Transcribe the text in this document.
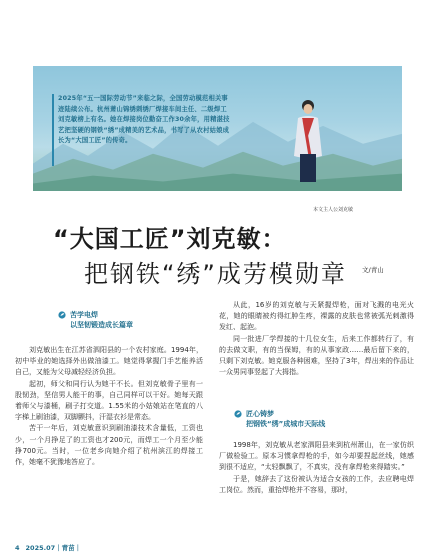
2025年“五一国际劳动节”来临之际，全国劳动模范相关事迹陆续公布。杭州萧山锦绣刺绣厂焊接车间主任、二级焊工刘克敏榜上有名。她在焊接岗位勤奋工作30余年，用精湛技艺把坚硬的钢铁“绣”成精美的艺术品，书写了从农村姑娘成长为“大国工匠”的传奇。
本文主人公刘克敏
“大国工匠”刘克敏：
把钢铁“绣”成劳模勋章 文/青山
苦学电焊
以坚韧锻造成长篇章

刘克敏出生在江苏省泗阳县的一个农村家庭。1994年，初中毕业的她选择外出做油漆工。她觉得掌握门手艺能养活自己，又能为父母减轻经济负担。

起初，师父和同行认为她干不长。但刘克敏骨子里有一股韧劲，坚信男人能干的事，自己同样可以干好。她每天跟着师父与漆桶，刷子打交道。1.55米的小姑娘站在笔直的八字梯上刷油漆，双脚颤抖，汗湿衣衫是常态。

苦干一年后，刘克敏意识到刷油漆技术含量低，工资也少，一个月挣足了的工资也才200元，而焊工一个月至少能挣700元。当时，一位老乡向她介绍了杭州滨江的焊接工作，她毫不犹豫地答应了。

从此，16岁的刘克敏与天紧握焊枪，面对飞溅的电光火花，她的眼睛被灼得红肿生疼，裸露的皮肤也常被弧光刺激得发红、起泡。

同一批进厂学焊接的十几位女生，后来工作都转行了，有的去做文职，有的当保姆，有的从事家政……最后留下来的，只剩下刘克敏。她克服各种困难，坚持了3年，焊出来的作品让一众男同事竖起了大拇指。

匠心铸梦
把钢铁“绣”成城市天际线

1998年，刘克敏从老家泗阳县来到杭州萧山，在一家仿织厂做检验工。原本习惯拿焊枪的手，如今却要捏起丝线，她感到很不适应，“太轻飘飘了，不真实，没有拿焊枪来得踏实。”

于是，她辞去了这份被认为适合女孩的工作，去应聘电焊工岗位。然而，重拾焊枪并不容易，那时，

4 2025.07｜青苗｜
